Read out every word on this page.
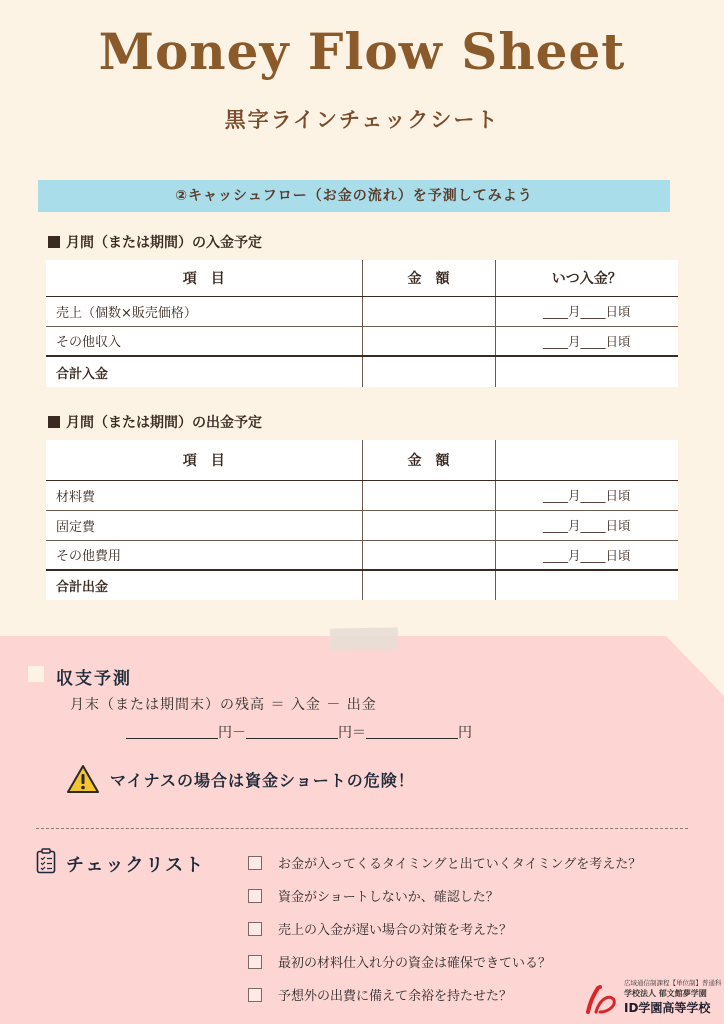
Money Flow Sheet
黒字ラインチェックシート
②キャッシュフロー（お金の流れ）を予測してみよう
月間（または期間）の入金予定
項　目	金　額	いつ入金？
売上（個数×販売価格）		____月____日頃
その他収入		____月____日頃
合計入金		
月間（または期間）の出金予定
項　目	金　額	
材料費		____月____日頃
固定費		____月____日頃
その他費用		____月____日頃
合計出金		
収支予測
月末（または期間末）の残高 ＝ 入金 － 出金
円－	円＝	円
マイナスの場合は資金ショートの危険！
チェックリスト	お金が入ってくるタイミングと出ていくタイミングを考えた？
資金がショートしないか、確認した？
売上の入金が遅い場合の対策を考えた？
最初の材料仕入れ分の資金は確保できている？
予想外の出費に備えて余裕を持たせた？
広域通信制課程【単位制】普通科
学校法人 郁文館夢学園
ID学園高等学校
